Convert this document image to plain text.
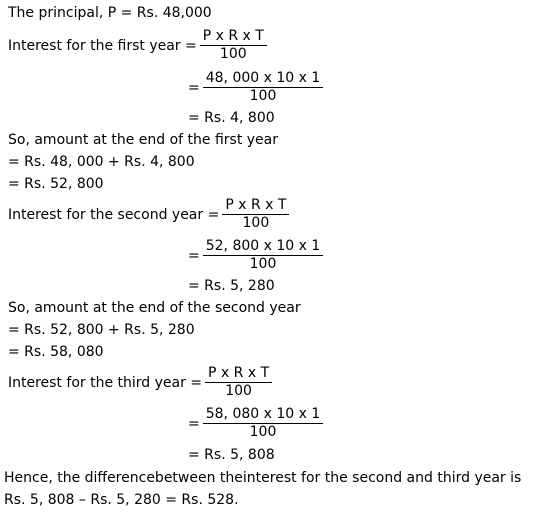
The principal, P = Rs. 48,000
Interest for the first year = $\frac{\text{P x R x T}}{100}$
= $\frac{48, 000 x 10 x 1}{100}$
= Rs. 4, 800
So, amount at the end of the first year
= Rs. 48, 000 + Rs. 4, 800
= Rs. 52, 800
Interest for the second year = $\frac{\text{P x R x T}}{100}$
= $\frac{52, 800 x 10 x 1}{100}$
= Rs. 5, 280
So, amount at the end of the second year
= Rs. 52, 800 + Rs. 5, 280
= Rs. 58, 080
Interest for the third year = $\frac{\text{P x R x T}}{100}$
= $\frac{58, 080 x 10 x 1}{100}$
= Rs. 5, 808
Hence, the differencebetween theinterest for the second and third year is
Rs. 5, 808 – Rs. 5, 280 = Rs. 528.
